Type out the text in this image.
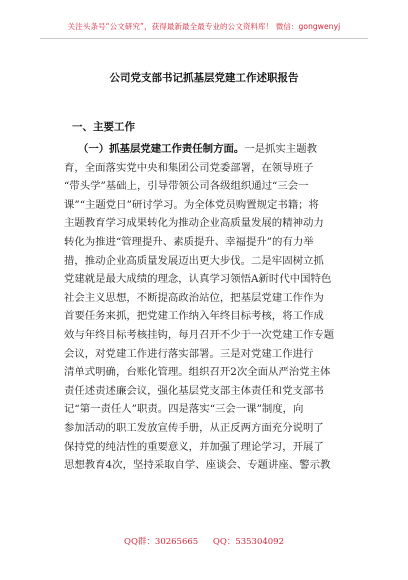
关注头条号“公文研究”，获得最新最全最专业的公文资料库！ 微信：gongwenyj
公司党支部书记抓基层党建工作述职报告
一、主要工作
（一）抓基层党建工作责任制方面。一是抓实主题教
育，全面落实党中央和集团公司党委部署，在领导班子
“带头学”基础上，引导带领公司各级组织通过“三会一
课”“主题党日”研讨学习。为全体党员购置规定书籍；将
主题教育学习成果转化为推动企业高质量发展的精神动力
转化为推进“管理提升、素质提升、幸福提升”的有力举
措，推动企业高质量发展迈出更大步伐。二是牢固树立抓
党建就是最大成绩的理念，认真学习领悟A新时代中国特色
社会主义思想，不断提高政治站位，把基层党建工作作为
首要任务来抓，把党建工作纳入年终目标考核，将工作成
效与年终目标考核挂钩，每月召开不少于一次党建工作专题
会议，对党建工作进行落实部署。三是对党建工作进行
清单式明确，台账化管理。组织召开2次全面从严治党主体
责任述责述廉会议，强化基层党支部主体责任和党支部书
记“第一责任人”职责。四是落实“三会一课”制度，向
参加活动的职工发放宣传手册，从正反两方面充分说明了
保持党的纯洁性的重要意义，并加强了理论学习，开展了
思想教育4次，坚持采取自学、座谈会、专题讲座、警示教
QQ群：30265665 QQ：535304092
